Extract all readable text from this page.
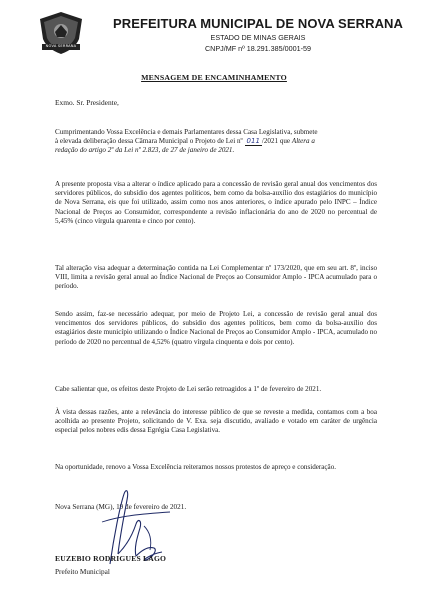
NOVA SERRANA
PREFEITURA MUNICIPAL DE NOVA SERRANA
ESTADO DE MINAS GERAIS
CNPJ/MF nº 18.291.385/0001-59
MENSAGEM DE ENCAMINHAMENTO
Exmo. Sr. Presidente,
Cumprimentando Vossa Excelência e demais Parlamentares dessa Casa Legislativa, submete
à elevada deliberação dessa Câmara Municipal o Projeto de Lei nº 011 /2021 que Altera a
redação do artigo 2º da Lei nº 2.823, de 27 de janeiro de 2021.
A presente proposta visa a alterar o índice aplicado para a concessão de revisão geral anual dos vencimentos dos servidores públicos, do subsídio dos agentes políticos, bem como da bolsa-auxílio dos estagiários do município de Nova Serrana, eis que foi utilizado, assim como nos anos anteriores, o índice apurado pelo INPC – Índice Nacional de Preços ao Consumidor, correspondente a revisão inflacionária do ano de 2020 no percentual de 5,45% (cinco vírgula quarenta e cinco por cento).
Tal alteração visa adequar a determinação contida na Lei Complementar nº 173/2020, que em seu art. 8º, inciso VIII, limita a revisão geral anual ao Índice Nacional de Preços ao Consumidor Amplo - IPCA acumulado para o período.
Sendo assim, faz-se necessário adequar, por meio de Projeto Lei, a concessão de revisão geral anual dos vencimentos dos servidores públicos, do subsídio dos agentes políticos, bem como da bolsa-auxílio dos estagiários deste município utilizando o Índice Nacional de Preços ao Consumidor Amplo - IPCA, acumulado no período de 2020 no percentual de 4,52% (quatro vírgula cinquenta e dois por cento).
Cabe salientar que, os efeitos deste Projeto de Lei serão retroagidos a 1º de fevereiro de 2021.
À vista dessas razões, ante a relevância do interesse público de que se reveste a medida, contamos com a boa acolhida ao presente Projeto, solicitando de V. Exa. seja discutido, avaliado e votado em caráter de urgência especial pelos nobres edis dessa Egrégia Casa Legislativa.
Na oportunidade, renovo a Vossa Excelência reiteramos nossos protestos de apreço e consideração.
Nova Serrana (MG), 19 de fevereiro de 2021.
EUZEBIO RODRIGUES LAGO
Prefeito Municipal
